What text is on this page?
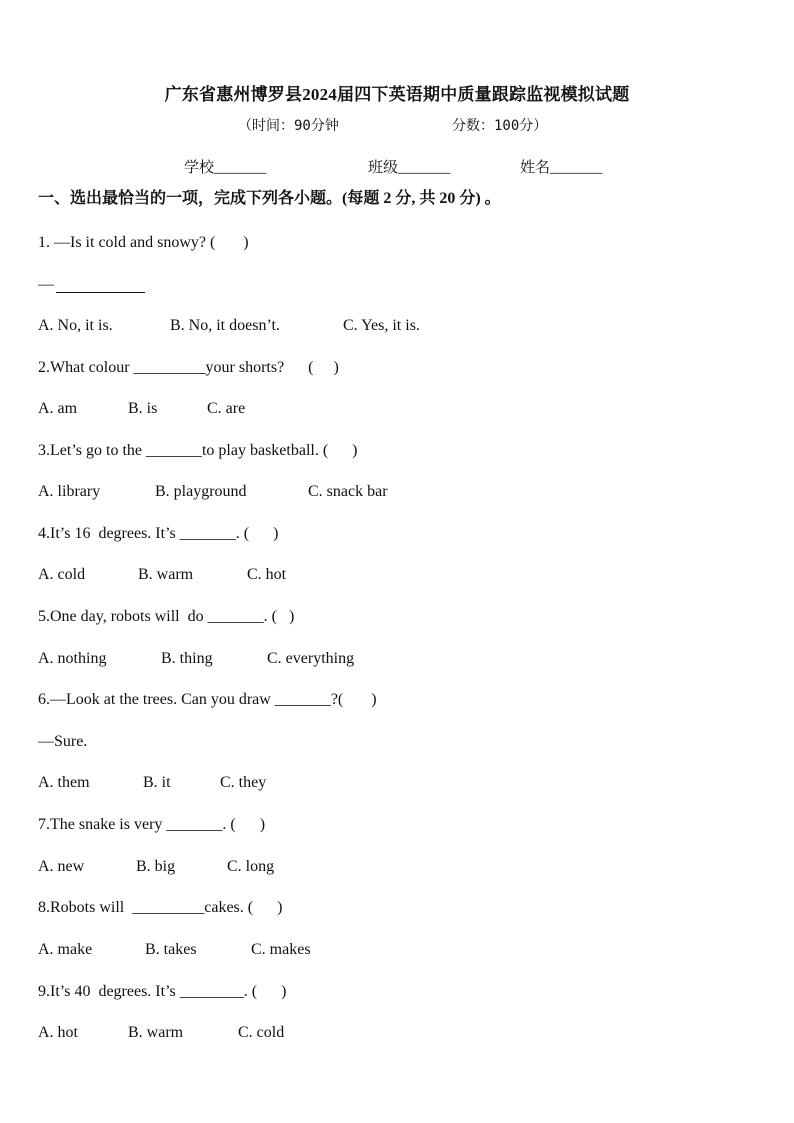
广东省惠州博罗县2024届四下英语期中质量跟踪监视模拟试题
（时间：90分钟	分数：100分）
学校_______	班级_______	姓名_______
一、选出最恰当的一项，完成下列各小题。(每题 2 分, 共 20 分) 。
1. —Is it cold and snowy? (       )
—

A. No, it is.

	B. No, it doesn’t.

	C. Yes, it is.

2.What colour _________your shorts?      (     )

A. am

	B. is

	C. are

3.Let’s go to the _______to play basketball. (      )

A. library

	B. playground

	C. snack bar

4.It’s 16  degrees. It’s _______. (      )

A. cold

	B. warm

	C. hot

5.One day, robots will  do _______. (   )

A. nothing

	B. thing

	C. everything

6.—Look at the trees. Can you draw _______?(       )
—Sure.

A. them

	B. it

	C. they

7.The snake is very _______. (      )

A. new

	B. big

	C. long

8.Robots will  _________cakes. (      )

A. make

	B. takes

	C. makes

9.It’s 40  degrees. It’s ________. (      )

A. hot

	B. warm

	C. cold
